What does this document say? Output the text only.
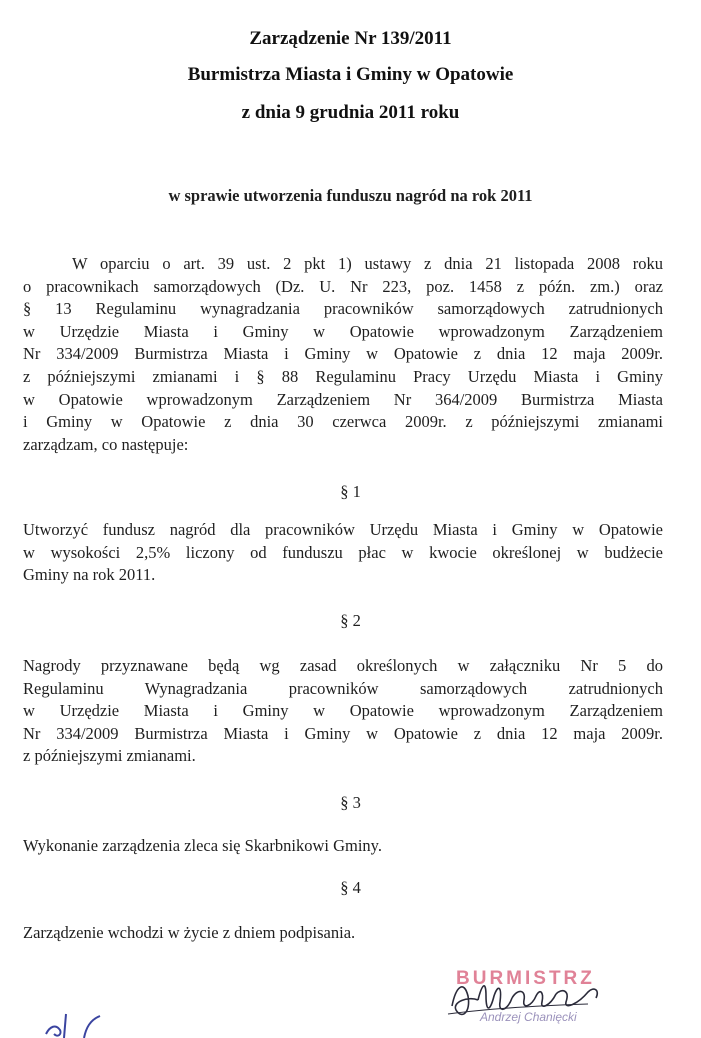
Zarządzenie Nr 139/2011
Burmistrza Miasta i Gminy w Opatowie
z dnia 9 grudnia 2011 roku
w sprawie utworzenia funduszu nagród na rok 2011
W oparciu o art. 39 ust. 2 pkt 1) ustawy z dnia 21 listopada 2008 roku
o pracownikach samorządowych (Dz. U. Nr 223, poz. 1458 z późn. zm.) oraz
§ 13 Regulaminu wynagradzania pracowników samorządowych zatrudnionych
w Urzędzie Miasta i Gminy w Opatowie wprowadzonym Zarządzeniem
Nr 334/2009 Burmistrza Miasta i Gminy w Opatowie z dnia 12 maja 2009r.
z późniejszymi zmianami i § 88 Regulaminu Pracy Urzędu Miasta i Gminy
w Opatowie wprowadzonym Zarządzeniem Nr 364/2009 Burmistrza Miasta
i Gminy w Opatowie z dnia 30 czerwca 2009r. z późniejszymi zmianami
zarządzam, co następuje:
§ 1
Utworzyć fundusz nagród dla pracowników Urzędu Miasta i Gminy w Opatowie
w wysokości 2,5% liczony od funduszu płac w kwocie określonej w budżecie
Gminy na rok 2011.
§ 2
Nagrody przyznawane będą wg zasad określonych w załączniku Nr 5 do
Regulaminu Wynagradzania pracowników samorządowych zatrudnionych
w Urzędzie Miasta i Gminy w Opatowie wprowadzonym Zarządzeniem
Nr 334/2009 Burmistrza Miasta i Gminy w Opatowie z dnia 12 maja 2009r.
z późniejszymi zmianami.
§ 3
Wykonanie zarządzenia zleca się Skarbnikowi Gminy.
§ 4
Zarządzenie wchodzi w życie z dniem podpisania.
BURMISTRZ
Andrzej Chanięcki
